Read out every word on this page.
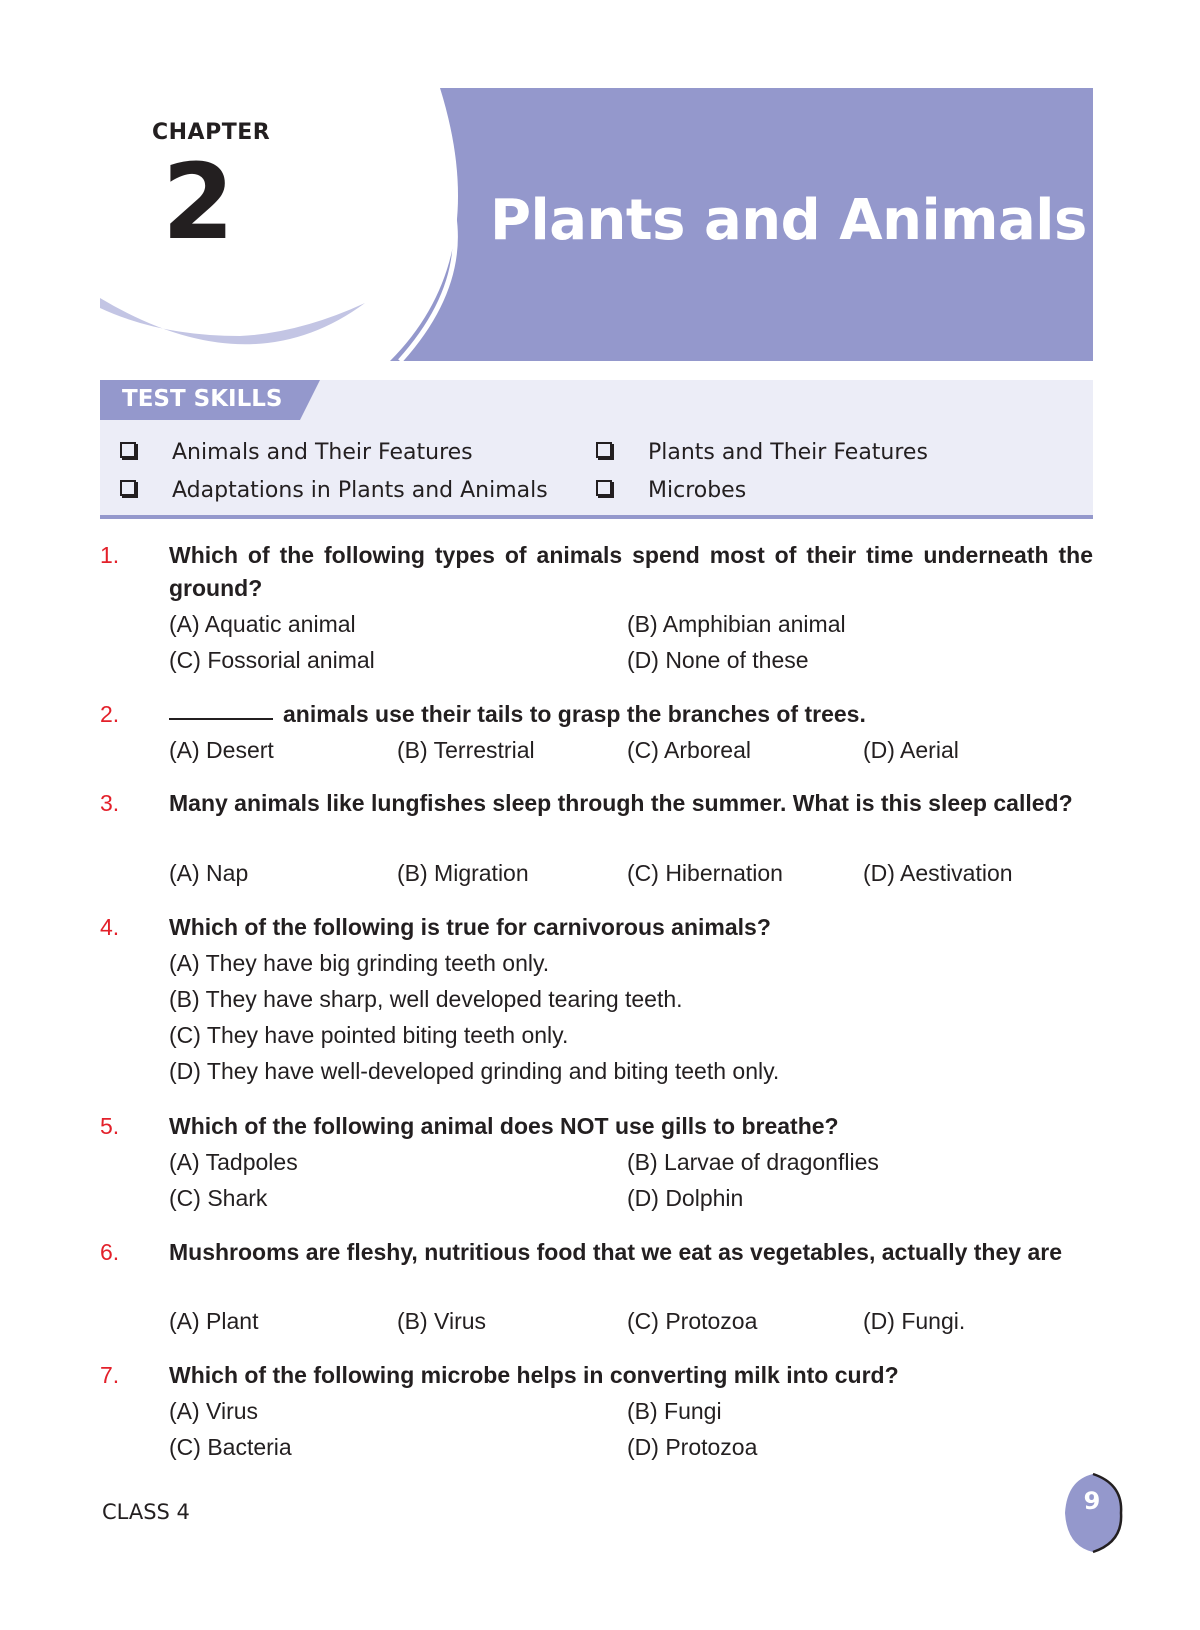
CHAPTER
2	Plants and Animals
TEST SKILLS
Animals and Their Features	Plants and Their Features
Adaptations in Plants and Animals	Microbes
1. Which of the following types of animals spend most of their time underneath the ground?
(A) Aquatic animal	(B) Amphibian animal
(C) Fossorial animal	(D) None of these
2.	animals use their tails to grasp the branches of trees.
(A) Desert	(B) Terrestrial	(C) Arboreal	(D) Aerial
3. Many animals like lungfishes sleep through the summer. What is this sleep called?
(A) Nap	(B) Migration	(C) Hibernation	(D) Aestivation
4. Which of the following is true for carnivorous animals?
(A) They have big grinding teeth only.
(B) They have sharp, well developed tearing teeth.
(C) They have pointed biting teeth only.
(D) They have well-developed grinding and biting teeth only.
5. Which of the following animal does NOT use gills to breathe?
(A) Tadpoles	(B) Larvae of dragonflies
(C) Shark	(D) Dolphin
6. Mushrooms are fleshy, nutritious food that we eat as vegetables, actually they are
(A) Plant	(B) Virus	(C) Protozoa	(D) Fungi.
7. Which of the following microbe helps in converting milk into curd?
(A) Virus	(B) Fungi
(C) Bacteria	(D) Protozoa
CLASS 4	9
